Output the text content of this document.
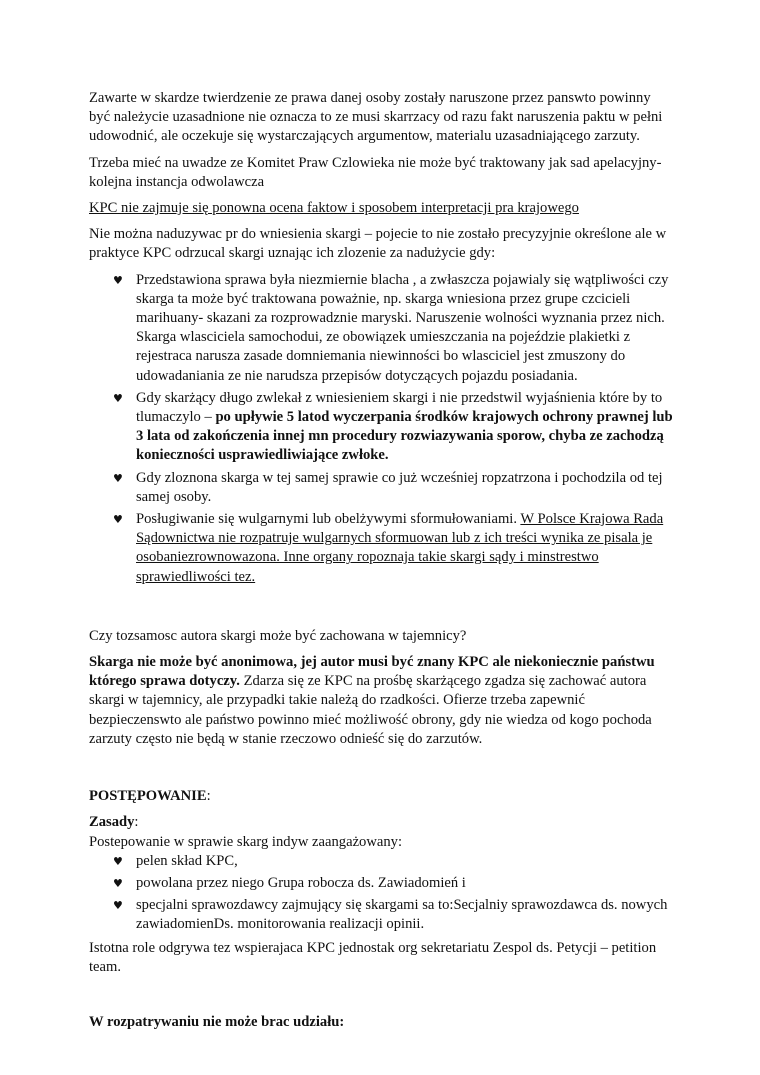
Zawarte w skardze twierdzenie ze prawa danej osoby zostały naruszone przez panswto powinny być należycie uzasadnione nie oznacza to ze musi skarrzacy od razu fakt naruszenia paktu w pełni udowodnić, ale oczekuje się wystarczających argumentow, materialu uzasadniającego zarzuty.

Trzeba mieć na uwadze ze Komitet Praw Czlowieka nie może być traktowany jak sad apelacyjny- kolejna instancja odwolawcza

KPC nie zajmuje się ponowna ocena faktow i sposobem interpretacji pra krajowego

Nie można naduzywac pr do wniesienia skargi – pojecie to nie zostało precyzyjnie określone ale w praktyce KPC odrzucal skargi uznając ich zlozenie za nadużycie gdy:

♥ Przedstawiona sprawa była niezmiernie blacha , a zwłaszcza pojawialy się wątpliwości czy skarga ta może być traktowana poważnie, np. skarga wniesiona przez grupe czcicieli marihuany- skazani za rozprowadznie maryski. Naruszenie wolności wyznania przez nich. Skarga wlasciciela samochodui, ze obowiązek umieszczania na pojeździe plakietki z rejestraca narusza zasade domniemania niewinności bo wlasciciel jest zmuszony do udowadaniania ze nie narudsza przepisów dotyczących pojazdu posiadania.
♥ Gdy skarżący długo zwlekał z wniesieniem skargi i nie przedstwil wyjaśnienia które by to tlumaczylo – po upływie 5 latod wyczerpania środków krajowych ochrony prawnej lub 3 lata od zakończenia innej mn procedury rozwiazywania sporow, chyba ze zachodzą konieczności usprawiedliwiające zwłoke.
♥ Gdy zloznona skarga w tej samej sprawie co już wcześniej ropzatrzona i pochodzila od tej samej osoby.
♥ Posługiwanie się wulgarnymi lub obelżywymi sformułowaniami. W Polsce Krajowa Rada Sądownictwa nie rozpatruje wulgarnych sformuowan lub z ich treści wynika ze pisala je osobaniezrownowazona. Inne organy ropoznaja takie skargi sądy i minstrestwo sprawiedliwości tez.

Czy tozsamosc autora skargi może być zachowana w tajemnicy?

Skarga nie może być anonimowa, jej autor musi być znany KPC ale niekoniecznie państwu którego sprawa dotyczy. Zdarza się ze KPC na prośbę skarżącego zgadza się zachować autora skargi w tajemnicy, ale przypadki takie należą do rzadkości. Ofierze trzeba zapewnić bezpieczenswto ale państwo powinno mieć możliwość obrony, gdy nie wiedza od kogo pochoda zarzuty często nie będą w stanie rzeczowo odnieść się do zarzutów.

POSTĘPOWANIE:

Zasady:

Postepowanie w sprawie skarg indyw zaangażowany:

♥ pelen skład KPC,
♥ powolana przez niego Grupa robocza ds. Zawiadomień i
♥ specjalni sprawozdawcy zajmujący się skargami sa to:Secjalniy sprawozdawca ds. nowych zawiadomienDs. monitorowania realizacji opinii.

Istotna role odgrywa tez wspierajaca KPC jednostak org sekretariatu Zespol ds. Petycji – petition team.

W rozpatrywaniu nie może brac udziału:
